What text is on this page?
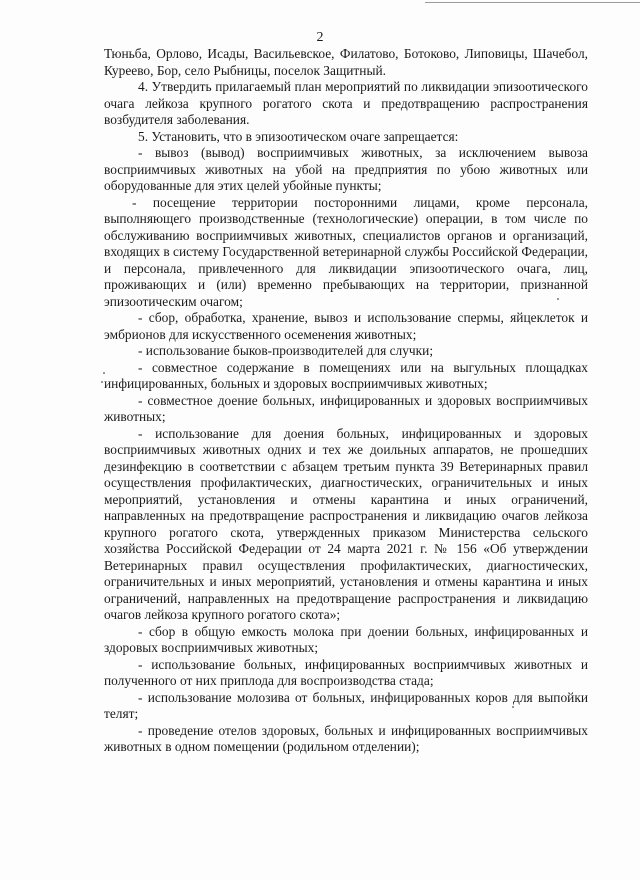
2

Тюньба, Орлово, Исады, Васильевское, Филатово, Ботоково, Липовицы, Шачебол, Куреево, Бор, село Рыбницы, поселок Защитный.

4. Утвердить прилагаемый план мероприятий по ликвидации эпизоотического очага лейкоза крупного рогатого скота и предотвращению распространения возбудителя заболевания.

5. Установить, что в эпизоотическом очаге запрещается:

- вывоз (вывод) восприимчивых животных, за исключением вывоза восприимчивых животных на убой на предприятия по убою животных или оборудованные для этих целей убойные пункты;

- посещение территории посторонними лицами, кроме персонала, выполняющего производственные (технологические) операции, в том числе по обслуживанию восприимчивых животных, специалистов органов и организаций, входящих в систему Государственной ветеринарной службы Российской Федерации, и персонала, привлеченного для ликвидации эпизоотического очага, лиц, проживающих и (или) временно пребывающих на территории, признанной эпизоотическим очагом;

- сбор, обработка, хранение, вывоз и использование спермы, яйцеклеток и эмбрионов для искусственного осеменения животных;

- использование быков-производителей для случки;

- совместное содержание в помещениях или на выгульных площадках инфицированных, больных и здоровых восприимчивых животных;

- совместное доение больных, инфицированных и здоровых восприимчивых животных;

- использование для доения больных, инфицированных и здоровых восприимчивых животных одних и тех же доильных аппаратов, не прошедших дезинфекцию в соответствии с абзацем третьим пункта 39 Ветеринарных правил осуществления профилактических, диагностических, ограничительных и иных мероприятий, установления и отмены карантина и иных ограничений, направленных на предотвращение распространения и ликвидацию очагов лейкоза крупного рогатого скота, утвержденных приказом Министерства сельского хозяйства Российской Федерации от 24 марта 2021 г. № 156 «Об утверждении Ветеринарных правил осуществления профилактических, диагностических, ограничительных и иных мероприятий, установления и отмены карантина и иных ограничений, направленных на предотвращение распространения и ликвидацию очагов лейкоза крупного рогатого скота»;

- сбор в общую емкость молока при доении больных, инфицированных и здоровых восприимчивых животных;

- использование больных, инфицированных восприимчивых животных и полученного от них приплода для воспроизводства стада;

- использование молозива от больных, инфицированных коров для выпойки телят;

- проведение отелов здоровых, больных и инфицированных восприимчивых животных в одном помещении (родильном отделении);
